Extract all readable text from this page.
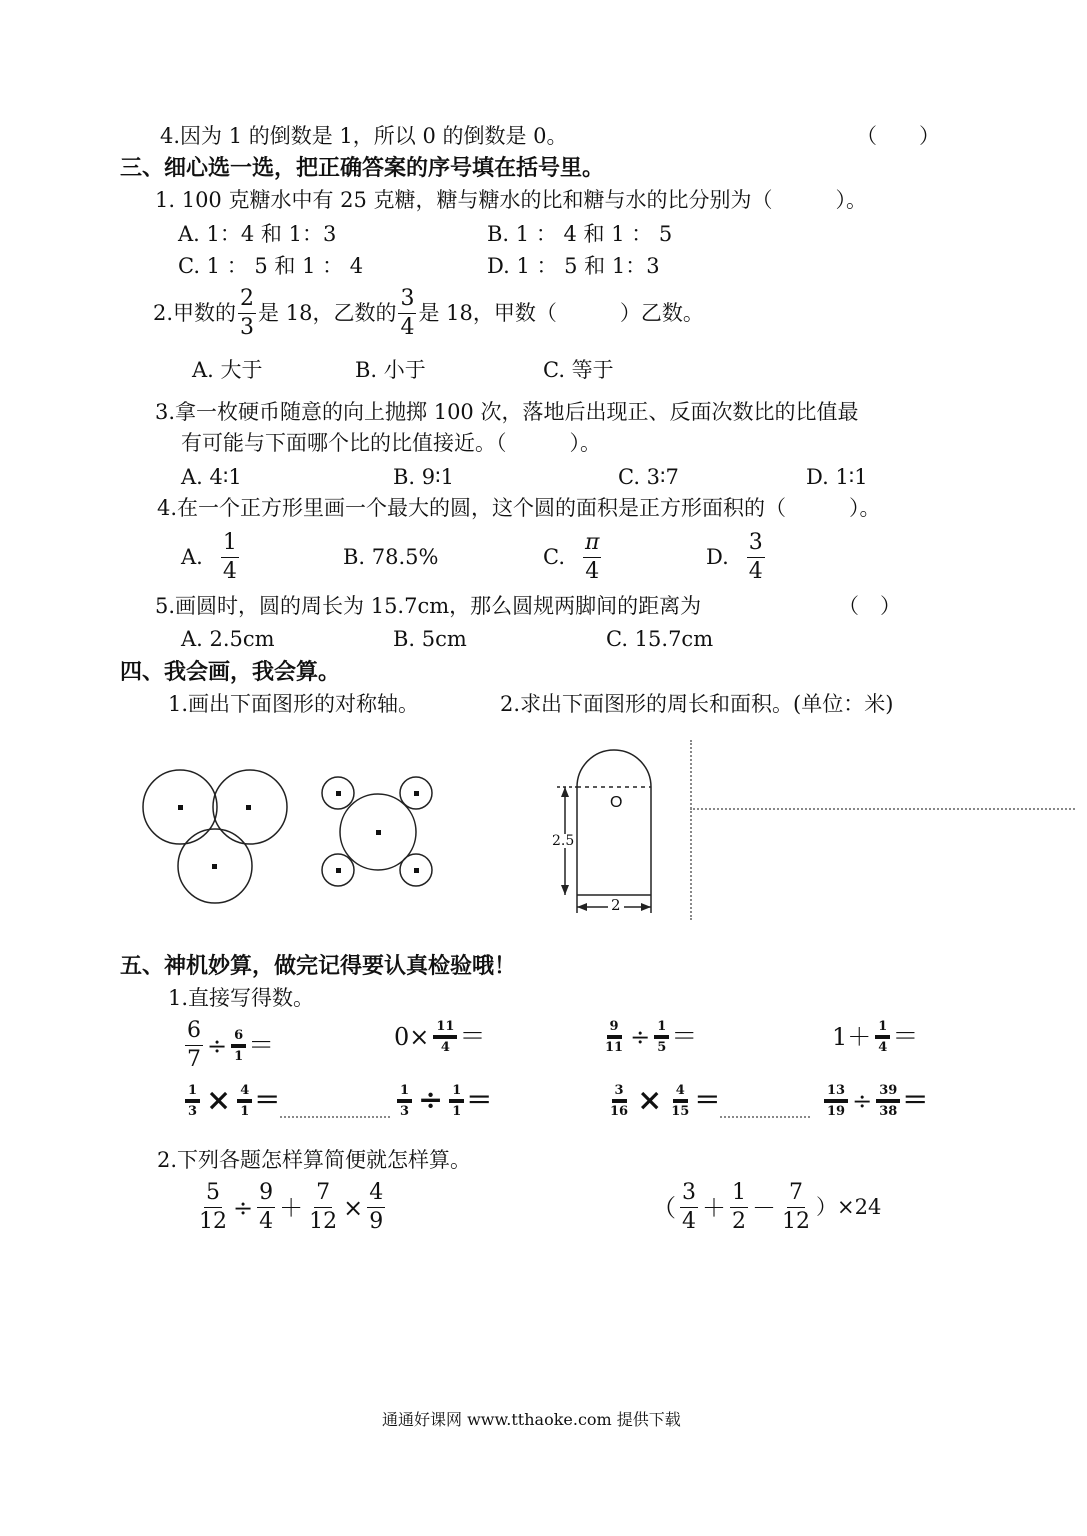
4.因为 1 的倒数是 1，所以 0 的倒数是 0。	（　　）
三、细心选一选，把正确答案的序号填在括号里。
1. 100 克糖水中有 25 克糖，糖与糖水的比和糖与水的比分别为（　　　）。
A. 1：4 和 1：3	B. 1 ： 4 和 1 ： 5
C. 1 ： 5 和 1 ： 4	D. 1 ： 5 和 1：3
2.甲数的 $\frac{2}{3}$ 是 18，乙数的 $\frac{3}{4}$ 是 18，甲数（　　　）乙数。
A. 大于	B. 小于	C. 等于
3.拿一枚硬币随意的向上抛掷 100 次，落地后出现正、反面次数比的比值最
有可能与下面哪个比的比值接近。（　　　）。
A. 4∶1	B. 9∶1	C. 3∶7	D. 1∶1
4.在一个正方形里画一个最大的圆，这个圆的面积是正方形面积的（　　　）。
A. $\frac{1}{4}$	B. 78.5%	C. $\frac{\pi}{4}$	D. $\frac{3}{4}$
5.画圆时，圆的周长为 15.7cm，那么圆规两脚间的距离为	（　）
A. 2.5cm	B. 5cm	C. 15.7cm
四、我会画，我会算。
1.画出下面图形的对称轴。	2.求出下面图形的周长和面积。(单位：米)
O
2.5
2
五、神机妙算，做完记得要认真检验哦！
1.直接写得数。
$\frac{6}{7} \div \frac{6}{1}$ ＝	$0\times \frac{11}{4}$ ＝	$\frac{9}{11} \div \frac{1}{5}$ ＝	$1+ \frac{1}{4}$ ＝
$\frac{1}{3} \times \frac{4}{1}$ ＝	$\frac{1}{3} \div \frac{1}{1}$ ＝	$\frac{3}{16} \times \frac{4}{15}$ ＝	$\frac{13}{19} \div \frac{39}{38}$ ＝
2.下列各题怎样算简便就怎样算。
$\frac{5}{12} \div \frac{9}{4} + \frac{7}{12} \times \frac{4}{9}$	（ $\frac{3}{4} + \frac{1}{2} - \frac{7}{12} )\times 24$
通通好课网 www.tthaoke.com 提供下载
